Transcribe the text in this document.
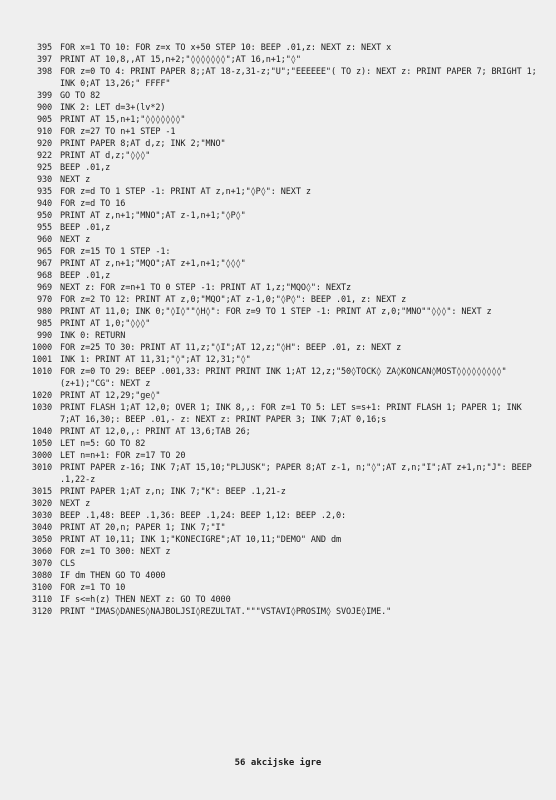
395 FOR x=1 TO 10: FOR z=x TO x+50 STEP 10: BEEP .01,z: NEXT z: NEXT x
397 PRINT AT 10,8,,AT 15,n+2;"◊◊◊◊◊◊◊";AT 16,n+1;"◊"
398 FOR z=0 TO 4: PRINT PAPER 8;;AT 18-z,31-z;"U";"EEEEEE"( TO z): NEXT z: PRINT PAPER 7; BRIGHT 1; INK 0;AT 13,26;" FFFF"
399 GO TO 82
900 INK 2: LET d=3+(lv*2)
905 PRINT AT 15,n+1;"◊◊◊◊◊◊◊"
910 FOR z=27 TO n+1 STEP -1
920 PRINT PAPER 8;AT d,z; INK 2;"MNO"
922 PRINT AT d,z;"◊◊◊"
925 BEEP .01,z
930 NEXT z
935 FOR z=d TO 1 STEP -1: PRINT AT z,n+1;"◊P◊": NEXT z
940 FOR z=d TO 16
950 PRINT AT z,n+1;"MNO";AT z-1,n+1;"◊P◊"
955 BEEP .01,z
960 NEXT z
965 FOR z=15 TO 1 STEP -1:
967 PRINT AT z,n+1;"MQO";AT z+1,n+1;"◊◊◊"
968 BEEP .01,z
969 NEXT z: FOR z=n+1 TO 0 STEP -1: PRINT AT 1,z;"MQO◊": NEXTz
970 FOR z=2 TO 12: PRINT AT z,0;"MQO";AT z-1,0;"◊P◊": BEEP .01, z: NEXT z
980 PRINT AT 11,0; INK 0;"◊I◊""◊H◊": FOR z=9 TO 1 STEP -1: PRINT AT z,0;"MNO""◊◊◊": NEXT z
985 PRINT AT 1,0;"◊◊◊"
990 INK 0: RETURN
1000 FOR z=25 TO 30: PRINT AT 11,z;"◊I";AT 12,z;"◊H": BEEP .01, z: NEXT z
1001 INK 1: PRINT AT 11,31;"◊";AT 12,31;"◊"
1010 FOR z=0 TO 29: BEEP .001,33: PRINT PRINT INK 1;AT 12,z;"50◊TOCK◊ ZA◊KONCAN◊MOST◊◊◊◊◊◊◊◊◊"(z+1);"CG": NEXT z
1020 PRINT AT 12,29;"ge◊"
1030 PRINT FLASH 1;AT 12,0; OVER 1; INK 8,,: FOR z=1 TO 5: LET s=s+1: PRINT FLASH 1; PAPER 1; INK 7;AT 16,30;: BEEP .01,- z: NEXT z: PRINT PAPER 3; INK 7;AT 0,16;s
1040 PRINT AT 12,0,,: PRINT AT 13,6;TAB 26;
1050 LET n=5: GO TO 82
3000 LET n=n+1: FOR z=17 TO 20
3010 PRINT PAPER z-16; INK 7;AT 15,10;"PLJUSK"; PAPER 8;AT z-1, n;"◊";AT z,n;"I";AT z+1,n;"J": BEEP .1,22-z
3015 PRINT PAPER 1;AT z,n; INK 7;"K": BEEP .1,21-z
3020 NEXT z
3030 BEEP .1,48: BEEP .1,36: BEEP .1,24: BEEP 1,12: BEEP .2,0:
3040 PRINT AT 20,n; PAPER 1; INK 7;"I"
3050 PRINT AT 10,11; INK 1;"KONECIGRE";AT 10,11;"DEMO" AND dm
3060 FOR z=1 TO 300: NEXT z
3070 CLS
3080 IF dm THEN GO TO 4000
3100 FOR z=1 TO 10
3110 IF s<=h(z) THEN NEXT z: GO TO 4000
3120 PRINT "IMAS◊DANES◊NAJBOLJSI◊REZULTAT."""VSTAVI◊PROSIM◊ SVOJE◊IME."
56 akcijske igre
